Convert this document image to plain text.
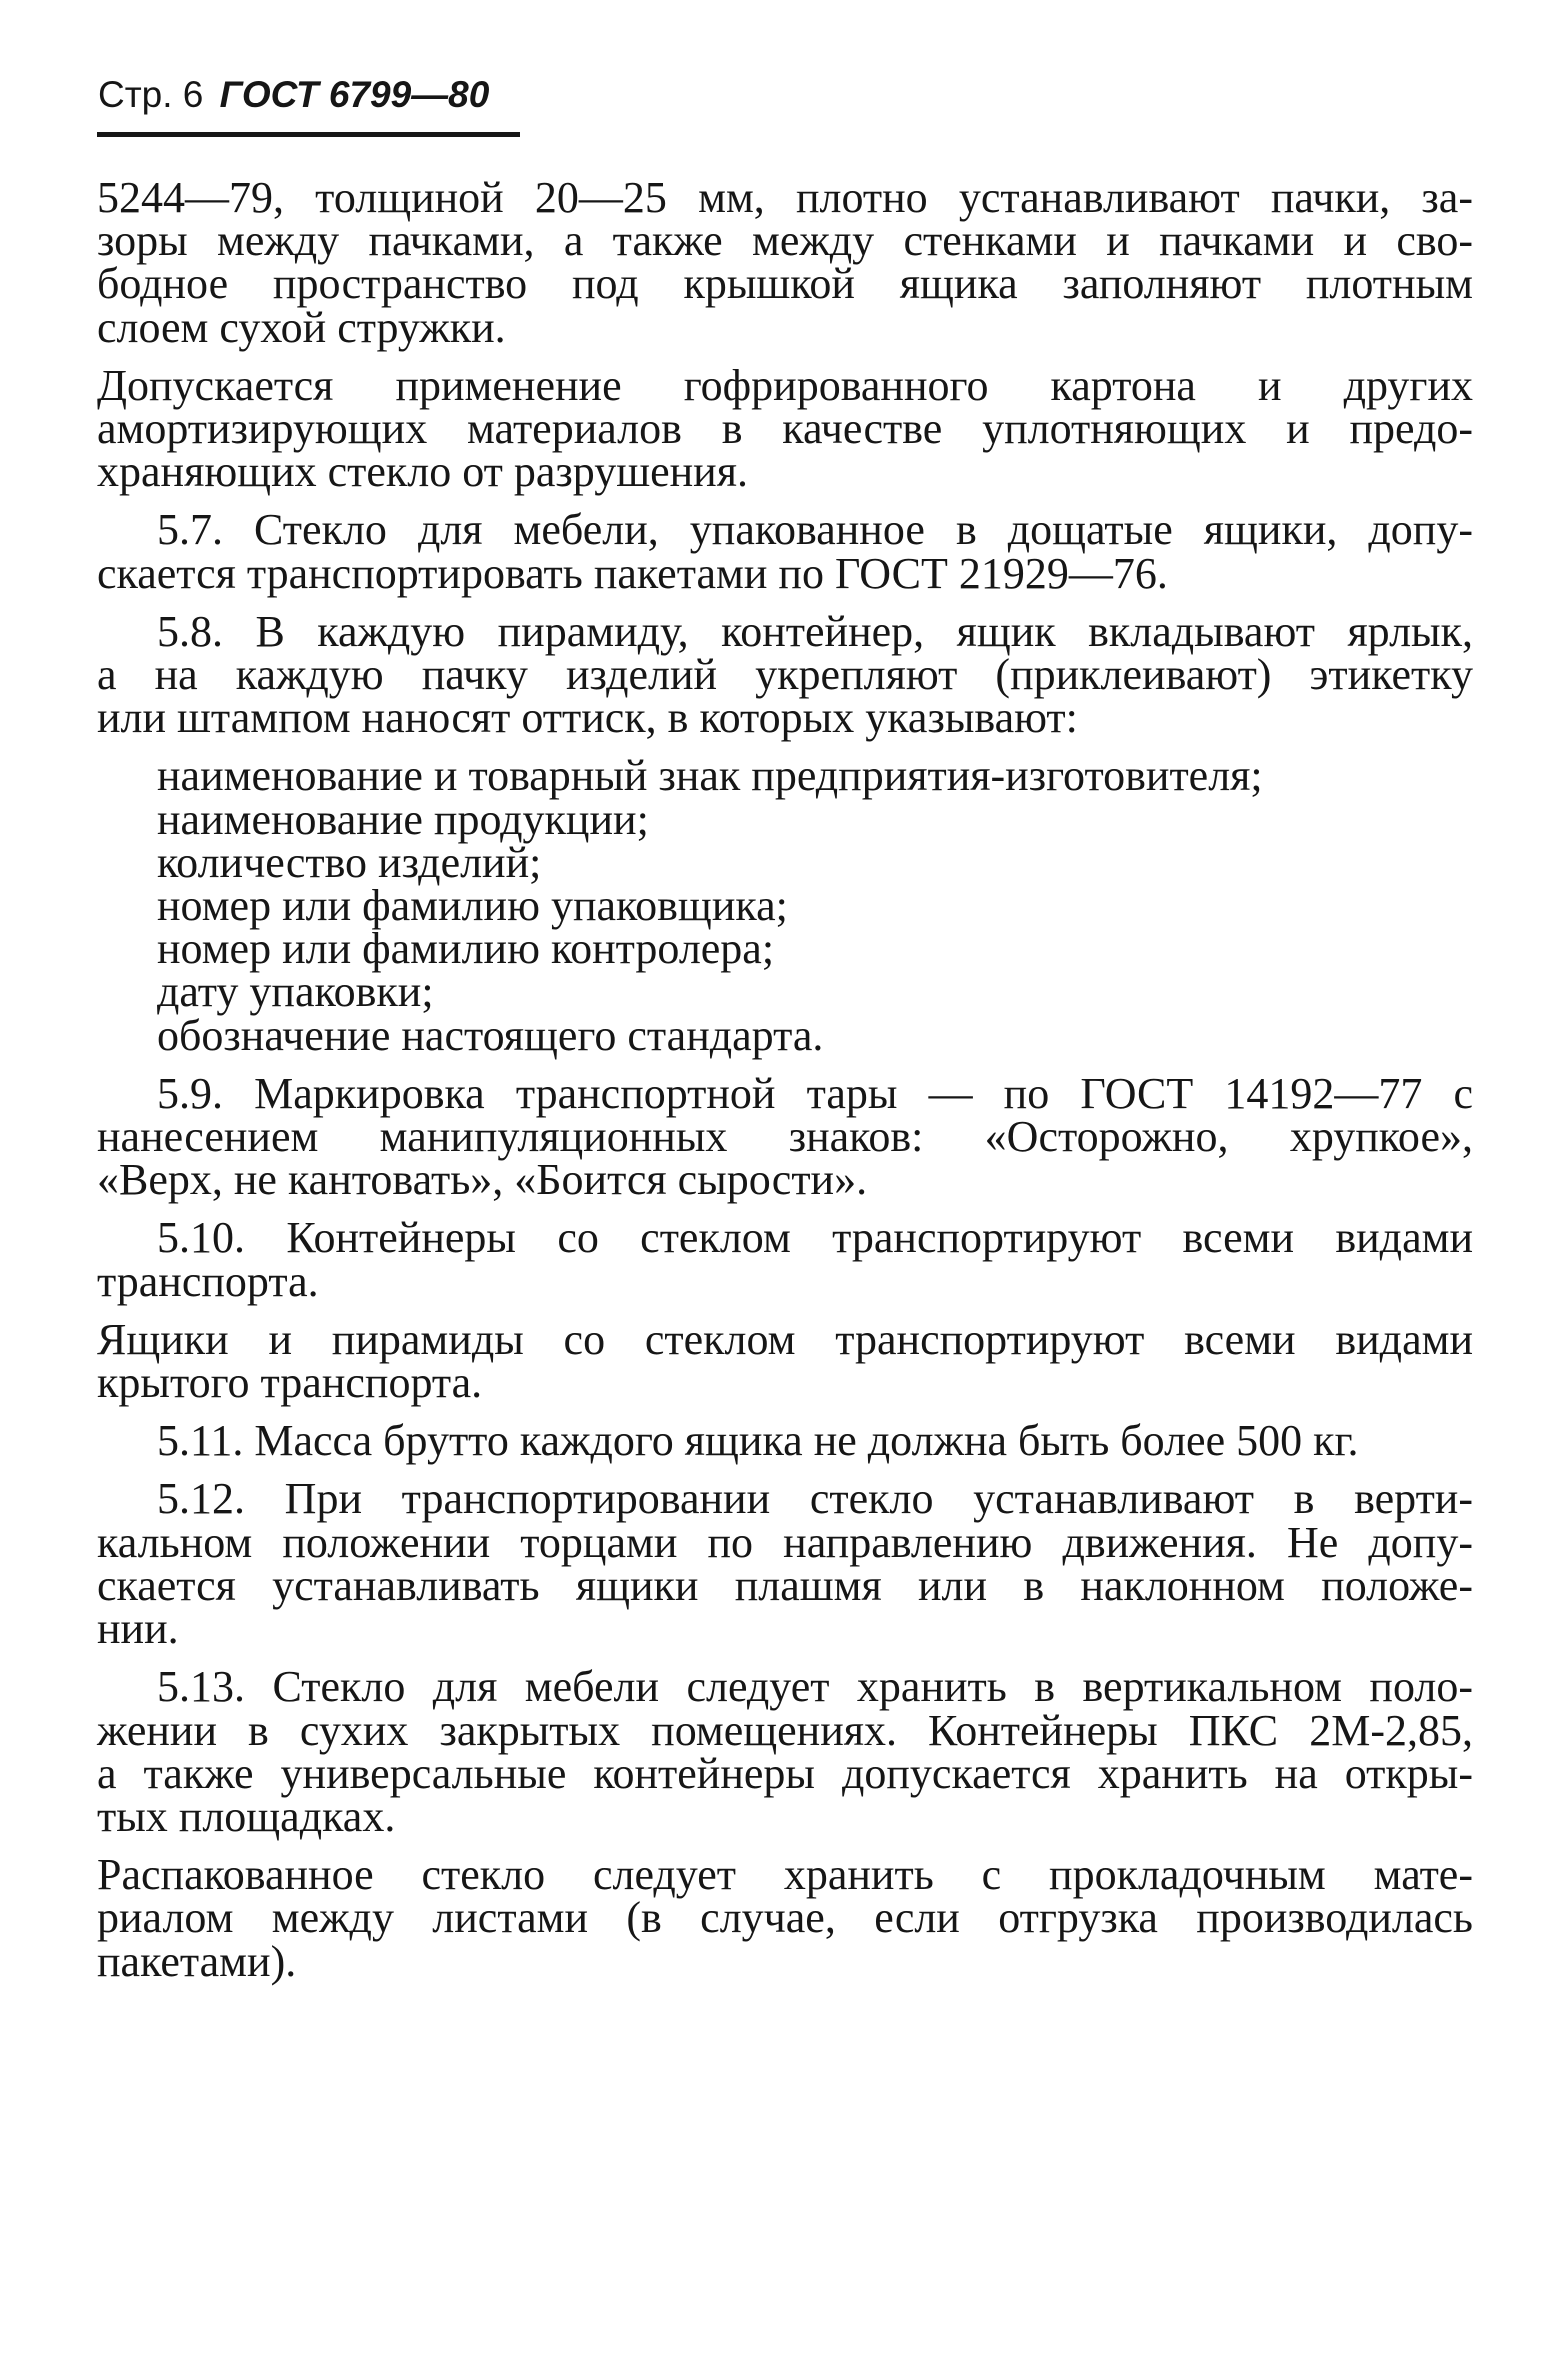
Стр. 6 ГОСТ 6799—80
5244—79, толщиной 20—25 мм, плотно устанавливают пачки, за-
зоры между пачками, а также между стенками и пачками и сво-
бодное пространство под крышкой ящика заполняют плотным
слоем сухой стружки.
Допускается применение гофрированного картона и других
амортизирующих материалов в качестве уплотняющих и предо-
храняющих стекло от разрушения.
5.7. Стекло для мебели, упакованное в дощатые ящики, допу-
скается транспортировать пакетами по ГОСТ 21929—76.
5.8. В каждую пирамиду, контейнер, ящик вкладывают ярлык,
а на каждую пачку изделий укрепляют (приклеивают) этикетку
или штампом наносят оттиск, в которых указывают:
наименование и товарный знак предприятия-изготовителя;
наименование продукции;
количество изделий;
номер или фамилию упаковщика;
номер или фамилию контролера;
дату упаковки;
обозначение настоящего стандарта.
5.9. Маркировка транспортной тары — по ГОСТ 14192—77 с
нанесением манипуляционных знаков: «Осторожно, хрупкое»,
«Верх, не кантовать», «Боится сырости».
5.10. Контейнеры со стеклом транспортируют всеми видами
транспорта.
Ящики и пирамиды со стеклом транспортируют всеми видами
крытого транспорта.
5.11. Масса брутто каждого ящика не должна быть более 500 кг.
5.12. При транспортировании стекло устанавливают в верти-
кальном положении торцами по направлению движения. Не допу-
скается устанавливать ящики плашмя или в наклонном положе-
нии.
5.13. Стекло для мебели следует хранить в вертикальном поло-
жении в сухих закрытых помещениях. Контейнеры ПКС 2М-2,85,
а также универсальные контейнеры допускается хранить на откры-
тых площадках.
Распакованное стекло следует хранить с прокладочным мате-
риалом между листами (в случае, если отгрузка производилась
пакетами).
